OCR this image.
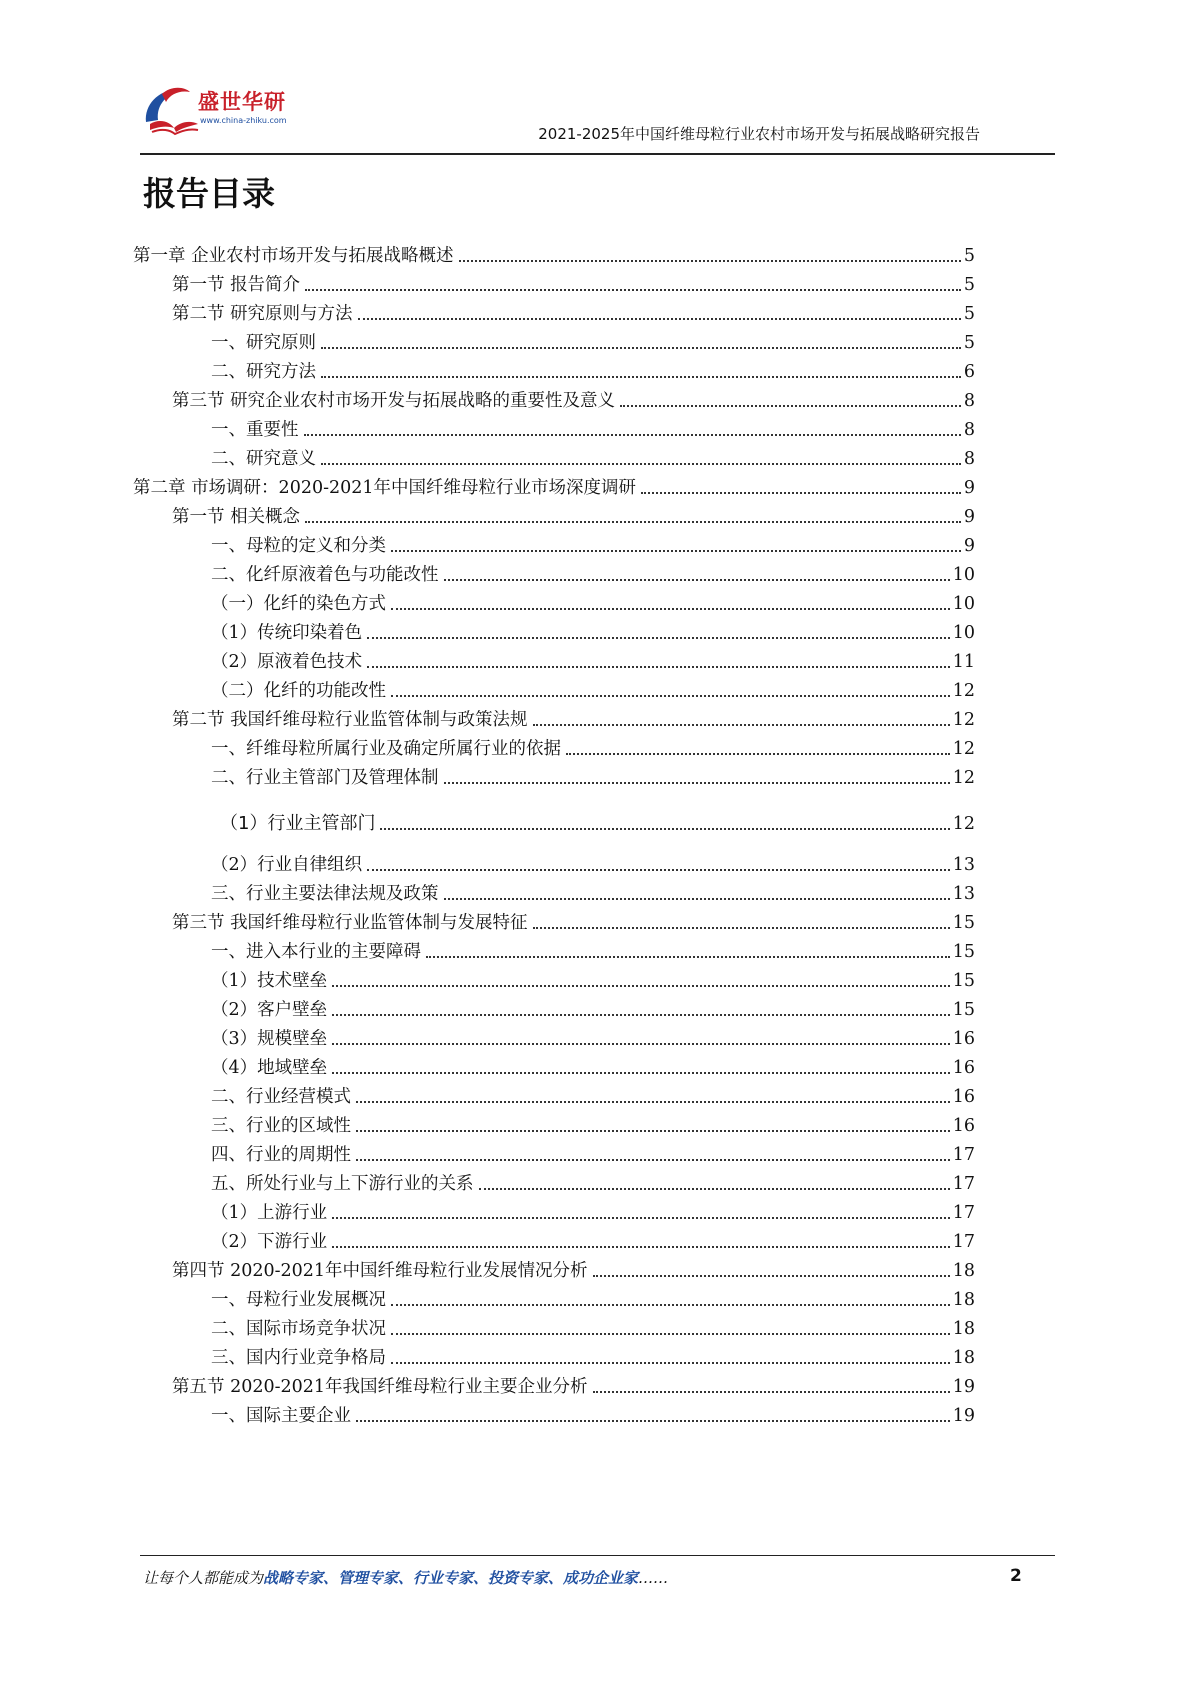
盛世华研
www.china-zhiku.com
2021-2025年中国纤维母粒行业农村市场开发与拓展战略研究报告
报告目录
第一章 企业农村市场开发与拓展战略概述	5
第一节 报告简介	5
第二节 研究原则与方法	5
一、研究原则	5
二、研究方法	6
第三节 研究企业农村市场开发与拓展战略的重要性及意义	8
一、重要性	8
二、研究意义	8
第二章 市场调研：2020-2021年中国纤维母粒行业市场深度调研	9
第一节 相关概念	9
一、母粒的定义和分类	9
二、化纤原液着色与功能改性	10
（一）化纤的染色方式	10
（1）传统印染着色	10
（2）原液着色技术	11
（二）化纤的功能改性	12
第二节 我国纤维母粒行业监管体制与政策法规	12
一、纤维母粒所属行业及确定所属行业的依据	12
二、行业主管部门及管理体制	12
（1）行业主管部门	12
（2）行业自律组织	13
三、行业主要法律法规及政策	13
第三节 我国纤维母粒行业监管体制与发展特征	15
一、进入本行业的主要障碍	15
（1）技术壁垒	15
（2）客户壁垒	15
（3）规模壁垒	16
（4）地域壁垒	16
二、行业经营模式	16
三、行业的区域性	16
四、行业的周期性	17
五、所处行业与上下游行业的关系	17
（1）上游行业	17
（2）下游行业	17
第四节 2020-2021年中国纤维母粒行业发展情况分析	18
一、母粒行业发展概况	18
二、国际市场竞争状况	18
三、国内行业竞争格局	18
第五节 2020-2021年我国纤维母粒行业主要企业分析	19
一、国际主要企业	19
让每个人都能成为战略专家、管理专家、行业专家、投资专家、成功企业家……	2
